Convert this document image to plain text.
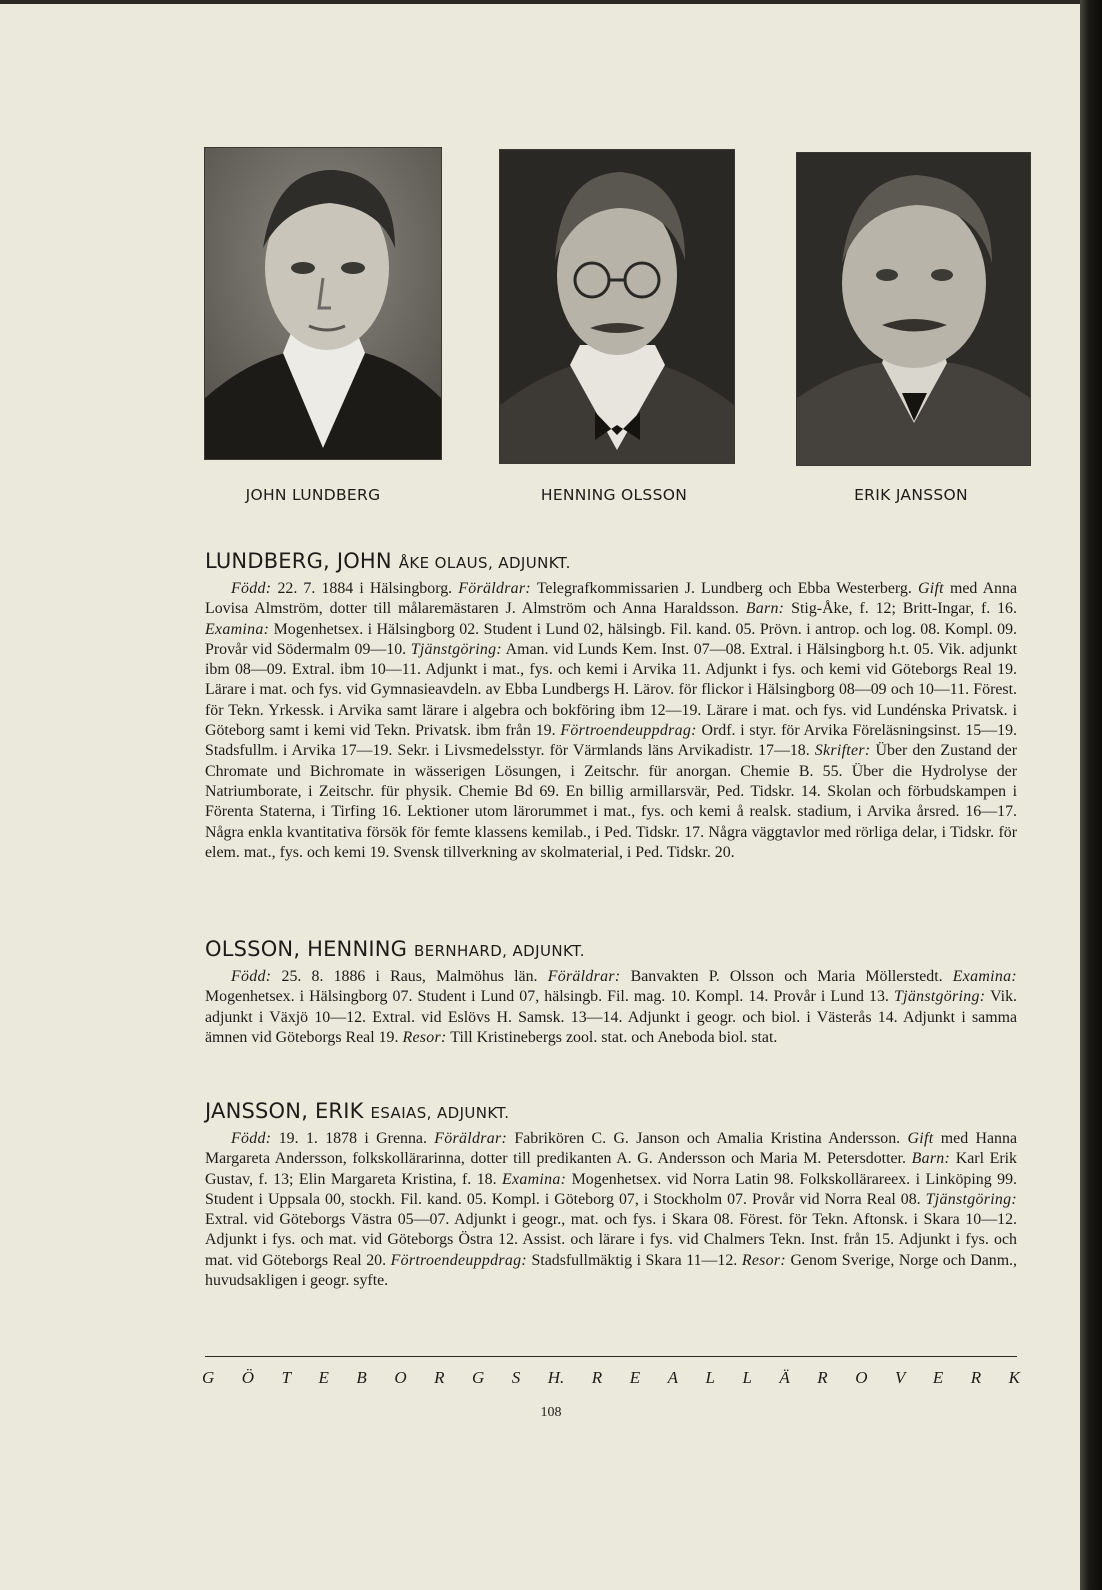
JOHN LUNDBERG	HENNING OLSSON	ERIK JANSSON
LUNDBERG, JOHN ÅKE OLAUS, ADJUNKT.

Född: 22. 7. 1884 i Hälsingborg. Föräldrar: Telegrafkommissarien J. Lundberg och Ebba Westerberg. Gift med Anna Lovisa Almström, dotter till målaremästaren J. Almström och Anna Haraldsson. Barn: Stig-Åke, f. 12; Britt-Ingar, f. 16. Examina: Mogenhetsex. i Hälsingborg 02. Student i Lund 02, hälsingb. Fil. kand. 05. Prövn. i antrop. och log. 08. Kompl. 09. Provår vid Södermalm 09—10. Tjänstgöring: Aman. vid Lunds Kem. Inst. 07—08. Extral. i Hälsingborg h.t. 05. Vik. adjunkt ibm 08—09. Extral. ibm 10—11. Adjunkt i mat., fys. och kemi i Arvika 11. Adjunkt i fys. och kemi vid Göteborgs Real 19. Lärare i mat. och fys. vid Gymnasieavdeln. av Ebba Lundbergs H. Lärov. för flickor i Hälsingborg 08—09 och 10—11. Förest. för Tekn. Yrkessk. i Arvika samt lärare i algebra och bokföring ibm 12—19. Lärare i mat. och fys. vid Lundénska Privatsk. i Göteborg samt i kemi vid Tekn. Privatsk. ibm från 19. Förtroendeuppdrag: Ordf. i styr. för Arvika Föreläsningsinst. 15—19. Stadsfullm. i Arvika 17—19. Sekr. i Livsmedelsstyr. för Värmlands läns Arvikadistr. 17—18. Skrifter: Über den Zustand der Chromate und Bichromate in wässerigen Lösungen, i Zeitschr. für anorgan. Chemie B. 55. Über die Hydrolyse der Natriumborate, i Zeitschr. für physik. Chemie Bd 69. En billig armillarsvär, Ped. Tidskr. 14. Skolan och förbudskampen i Förenta Staterna, i Tirfing 16. Lektioner utom lärorummet i mat., fys. och kemi å realsk. stadium, i Arvika årsred. 16—17. Några enkla kvantitativa försök för femte klassens kemilab., i Ped. Tidskr. 17. Några väggtavlor med rörliga delar, i Tidskr. för elem. mat., fys. och kemi 19. Svensk tillverkning av skolmaterial, i Ped. Tidskr. 20.

OLSSON, HENNING BERNHARD, ADJUNKT.

Född: 25. 8. 1886 i Raus, Malmöhus län. Föräldrar: Banvakten P. Olsson och Maria Möllerstedt. Examina: Mogenhetsex. i Hälsingborg 07. Student i Lund 07, hälsingb. Fil. mag. 10. Kompl. 14. Provår i Lund 13. Tjänstgöring: Vik. adjunkt i Växjö 10—12. Extral. vid Eslövs H. Samsk. 13—14. Adjunkt i geogr. och biol. i Västerås 14. Adjunkt i samma ämnen vid Göteborgs Real 19. Resor: Till Kristinebergs zool. stat. och Aneboda biol. stat.

JANSSON, ERIK ESAIAS, ADJUNKT.

Född: 19. 1. 1878 i Grenna. Föräldrar: Fabrikören C. G. Janson och Amalia Kristina Andersson. Gift med Hanna Margareta Andersson, folkskollärarinna, dotter till predikanten A. G. Andersson och Maria M. Petersdotter. Barn: Karl Erik Gustav, f. 13; Elin Margareta Kristina, f. 18. Examina: Mogenhetsex. vid Norra Latin 98. Folkskollärareex. i Linköping 99. Student i Uppsala 00, stockh. Fil. kand. 05. Kompl. i Göteborg 07, i Stockholm 07. Provår vid Norra Real 08. Tjänstgöring: Extral. vid Göteborgs Västra 05—07. Adjunkt i geogr., mat. och fys. i Skara 08. Förest. för Tekn. Aftonsk. i Skara 10—12. Adjunkt i fys. och mat. vid Göteborgs Östra 12. Assist. och lärare i fys. vid Chalmers Tekn. Inst. från 15. Adjunkt i fys. och mat. vid Göteborgs Real 20. Förtroendeuppdrag: Stadsfullmäktig i Skara 11—12. Resor: Genom Sverige, Norge och Danm., huvudsakligen i geogr. syfte.

G Ö T E B O R G S H. R E A L L Ä R O V E R K
108
